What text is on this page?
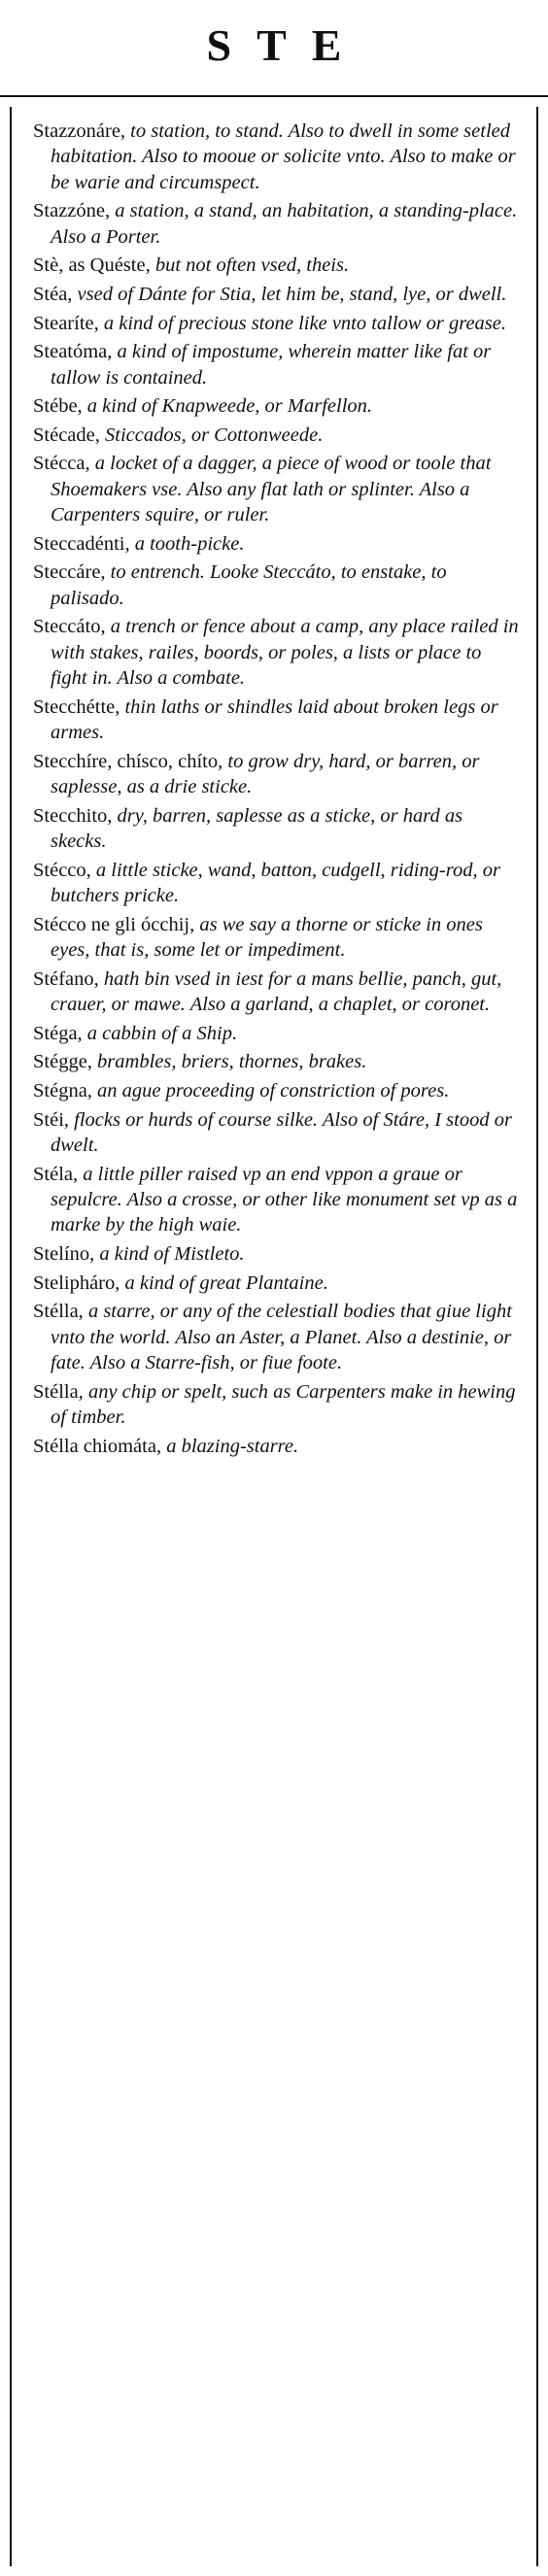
STE

Stazzonáre, to station, to stand. Also to dwell in some setled habitation. Also to mooue or solicite vnto. Also to make or be warie and circumspect.

Stazzóne, a station, a stand, an habitation, a standing-place. Also a Porter.

Stè, as Quéste, but not often vsed, theis.

Stéa, vsed of Dánte for Stia, let him be, stand, lye, or dwell.

Stearíte, a kind of precious stone like vnto tallow or grease.

Steatóma, a kind of impostume, wherein matter like fat or tallow is contained.

Stébe, a kind of Knapweede, or Marfellon.

Stécade, Sticcados, or Cottonweede.

Stécca, a locket of a dagger, a piece of wood or toole that Shoemakers vse. Also any flat lath or splinter. Also a Carpenters squire, or ruler.

Steccadénti, a tooth-picke.

Steccáre, to entrench. Looke Steccáto, to enstake, to palisado.

Steccáto, a trench or fence about a camp, any place railed in with stakes, railes, boords, or poles, a lists or place to fight in. Also a combate.

Stecchétte, thin laths or shindles laid about broken legs or armes.

Stecchíre, chísco, chíto, to grow dry, hard, or barren, or saplesse, as a drie sticke.

Stecchito, dry, barren, saplesse as a sticke, or hard as skecks.

Stécco, a little sticke, wand, batton, cudgell, riding-rod, or butchers pricke.

Stécco ne gli ócchij, as we say a thorne or sticke in ones eyes, that is, some let or impediment.

Stéfano, hath bin vsed in iest for a mans bellie, panch, gut, crauer, or mawe. Also a garland, a chaplet, or coronet.

Stéga, a cabbin of a Ship.

Stégge, brambles, briers, thornes, brakes.

Stégna, an ague proceeding of constriction of pores.

Stéi, flocks or hurds of course silke. Also of Stáre, I stood or dwelt.

Stéla, a little piller raised vp an end vppon a graue or sepulcre. Also a crosse, or other like monument set vp as a marke by the high waie.

Stelíno, a kind of Mistleto.

Stelipháro, a kind of great Plantaine.

Stélla, a starre, or any of the celestiall bodies that giue light vnto the world. Also an Aster, a Planet. Also a destinie, or fate. Also a Starre-fish, or fiue foote.

Stélla, any chip or spelt, such as Carpenters make in hewing of timber.

Stélla chiomáta, a blazing-starre.
